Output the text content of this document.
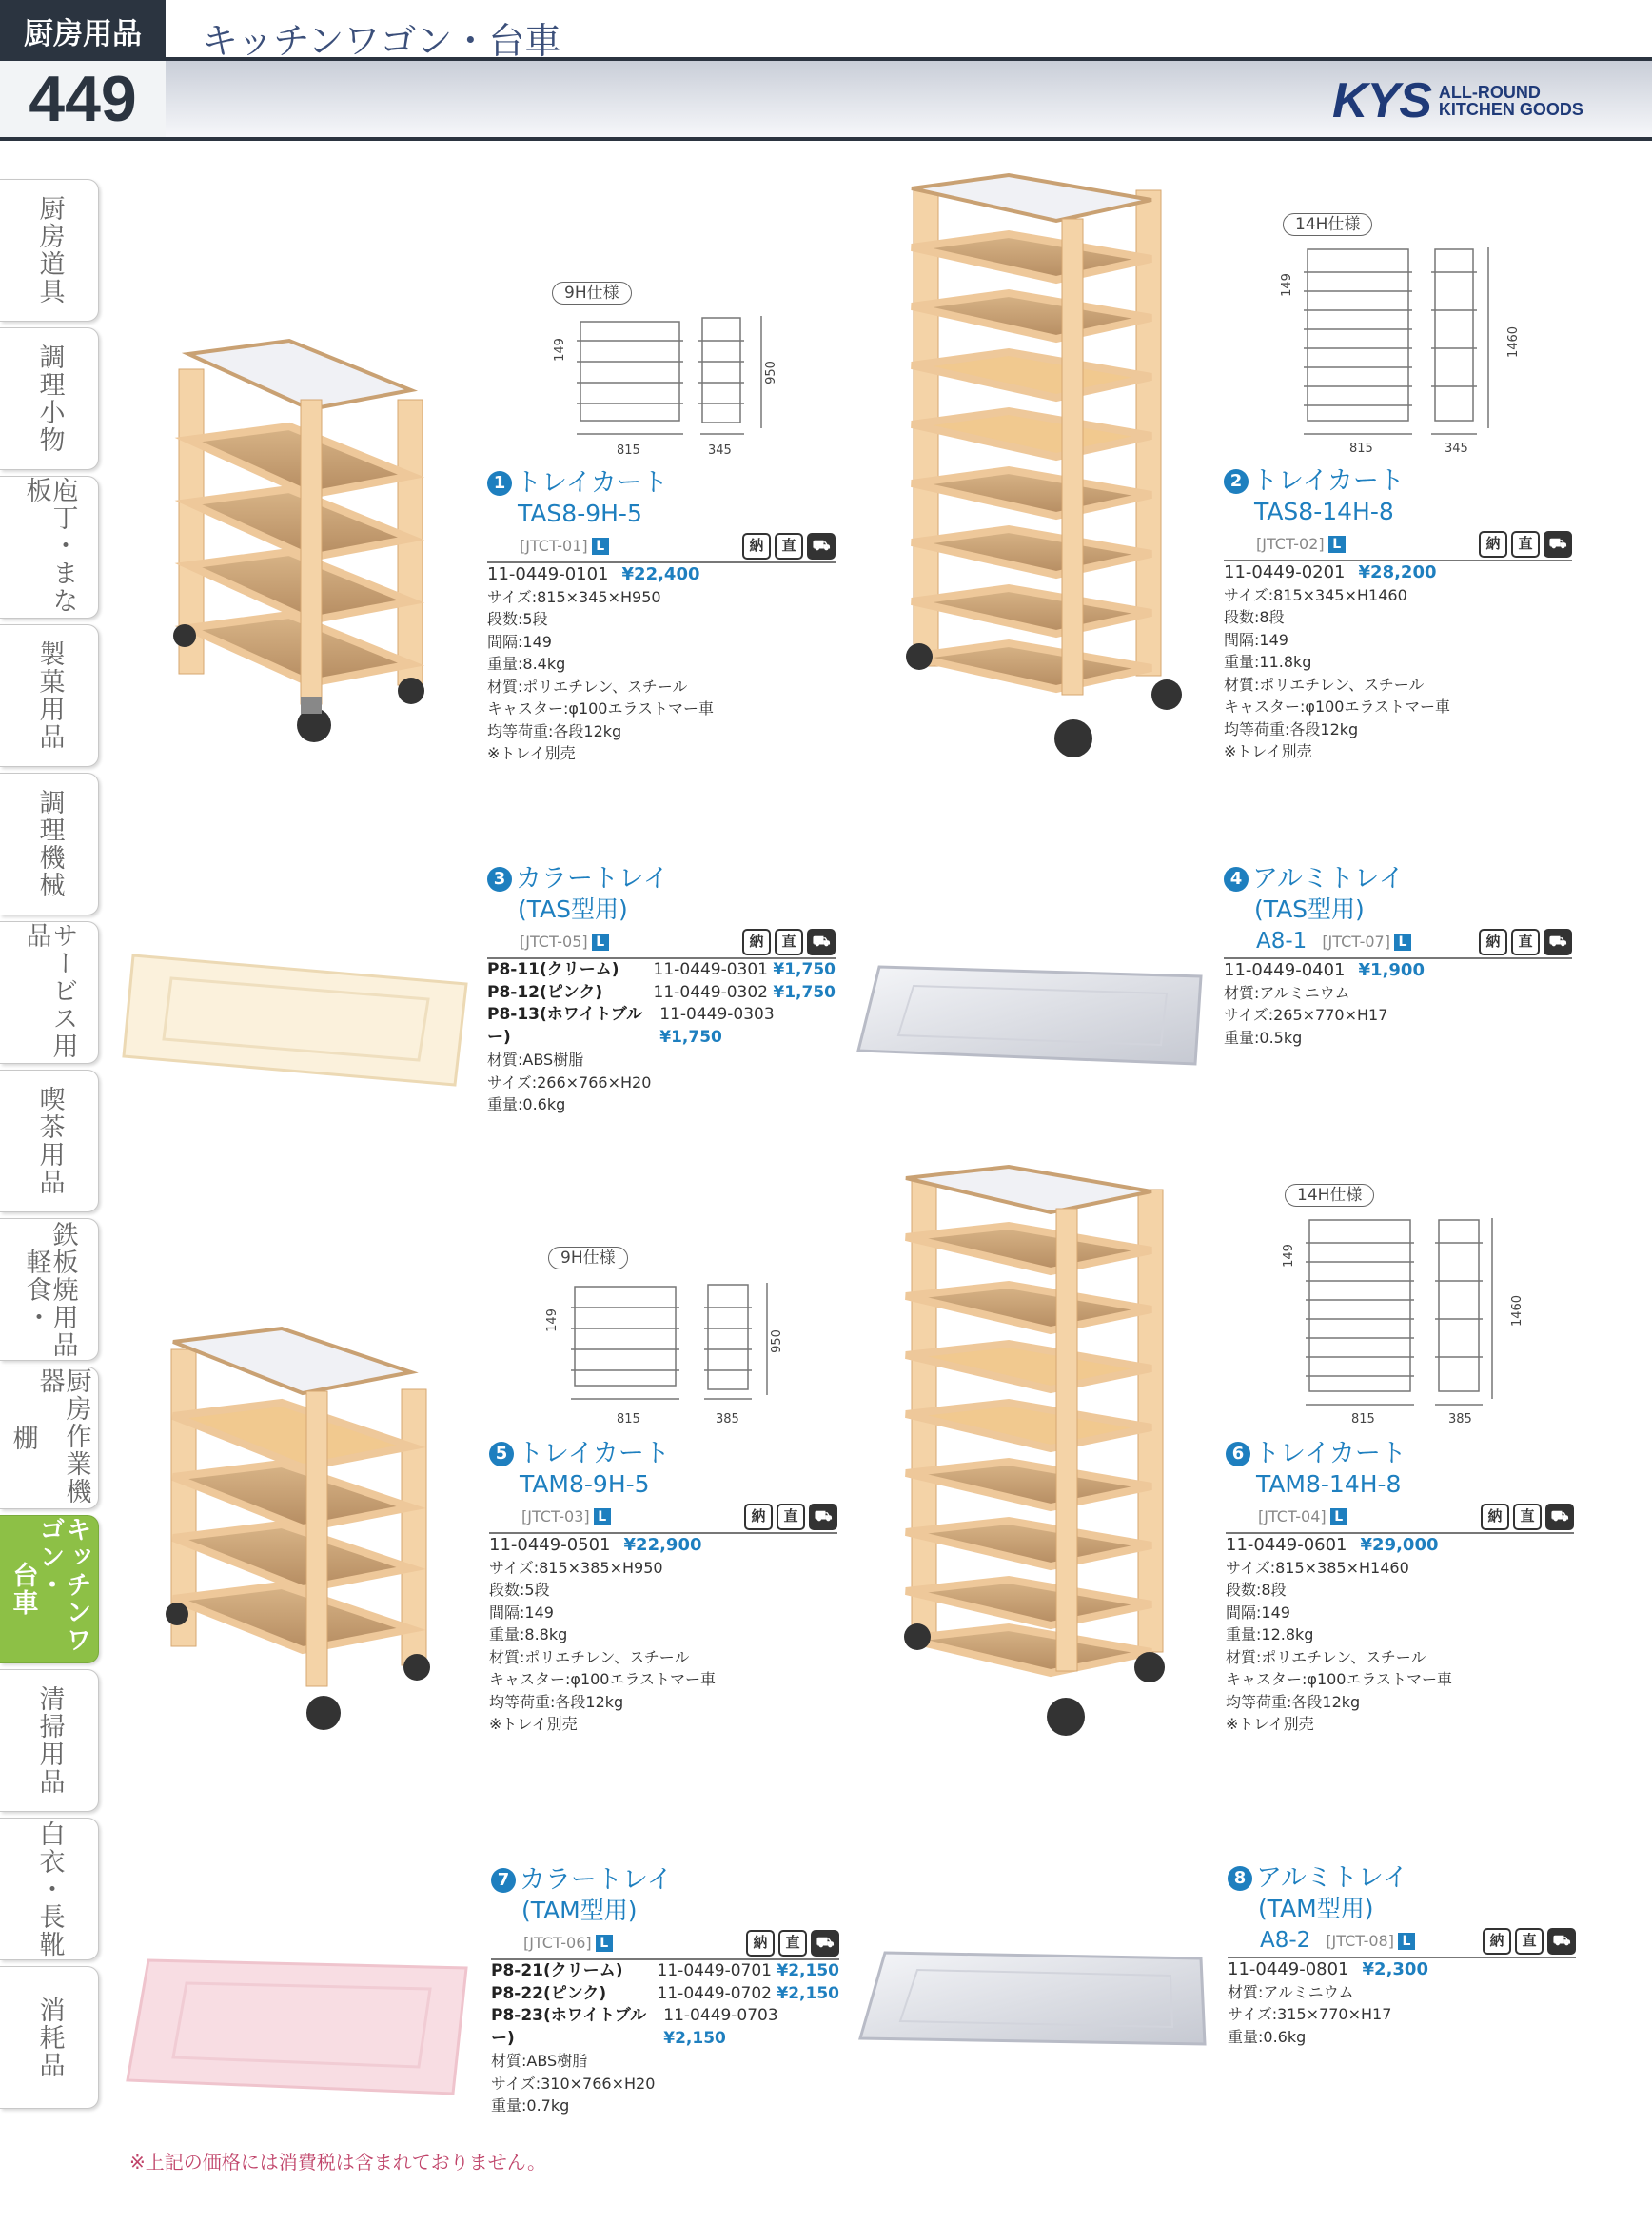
厨房用品
449
キッチンワゴン・台車
KYS ALL-ROUND
KITCHEN GOODS
厨房道具
調理小物
庖丁・まな板
製菓用品
調理機械
サービス用品
喫茶用品
軽食・
鉄板焼用品
棚 厨房作業機器
台車 キッチンワゴン・
清掃用品
白衣・長靴
消耗品
9H仕様
149
815	345
950
14H仕様
149
815	345
1460
9H仕様
149
815	385
950
14H仕様
149
815	385
1460
1 トレイカート
TAS8-9H-5
[JTCT-01] L	納	直	⛟
11-0449-0101 ¥22,400
サイズ:815×345×H950
段数:5段
間隔:149
重量:8.4kg
材質:ポリエチレン、スチール
キャスター:φ100エラストマー車
均等荷重:各段12kg
※トレイ別売
2 トレイカート
TAS8-14H-8
[JTCT-02] L	納	直	⛟
11-0449-0201 ¥28,200
サイズ:815×345×H1460
段数:8段
間隔:149
重量:11.8kg
材質:ポリエチレン、スチール
キャスター:φ100エラストマー車
均等荷重:各段12kg
※トレイ別売
3 カラートレイ
(TAS型用)
[JTCT-05] L	納	直	⛟
P8-11(クリーム) 11-0449-0301 ¥1,750
P8-12(ピンク)	11-0449-0302 ¥1,750
P8-13(ホワイトブルー)
11-0449-0303 ¥1,750
材質:ABS樹脂
サイズ:266×766×H20
重量:0.6kg
4 アルミトレイ
(TAS型用)
A8-1 [JTCT-07] L	納	直	⛟
11-0449-0401 ¥1,900
材質:アルミニウム
サイズ:265×770×H17
重量:0.5kg
5 トレイカート
TAM8-9H-5
[JTCT-03] L	納	直	⛟
11-0449-0501 ¥22,900
サイズ:815×385×H950
段数:5段
間隔:149
重量:8.8kg
材質:ポリエチレン、スチール
キャスター:φ100エラストマー車
均等荷重:各段12kg
※トレイ別売
6 トレイカート
TAM8-14H-8
[JTCT-04] L	納	直	⛟
11-0449-0601 ¥29,000
サイズ:815×385×H1460
段数:8段
間隔:149
重量:12.8kg
材質:ポリエチレン、スチール
キャスター:φ100エラストマー車
均等荷重:各段12kg
※トレイ別売
7 カラートレイ
(TAM型用)
[JTCT-06] L	納	直	⛟
P8-21(クリーム) 11-0449-0701 ¥2,150
P8-22(ピンク)	11-0449-0702 ¥2,150
P8-23(ホワイトブルー)
11-0449-0703 ¥2,150
材質:ABS樹脂
サイズ:310×766×H20
重量:0.7kg
8 アルミトレイ
(TAM型用)
A8-2 [JTCT-08] L	納	直	⛟
11-0449-0801 ¥2,300
材質:アルミニウム
サイズ:315×770×H17
重量:0.6kg
※上記の価格には消費税は含まれておりません。
